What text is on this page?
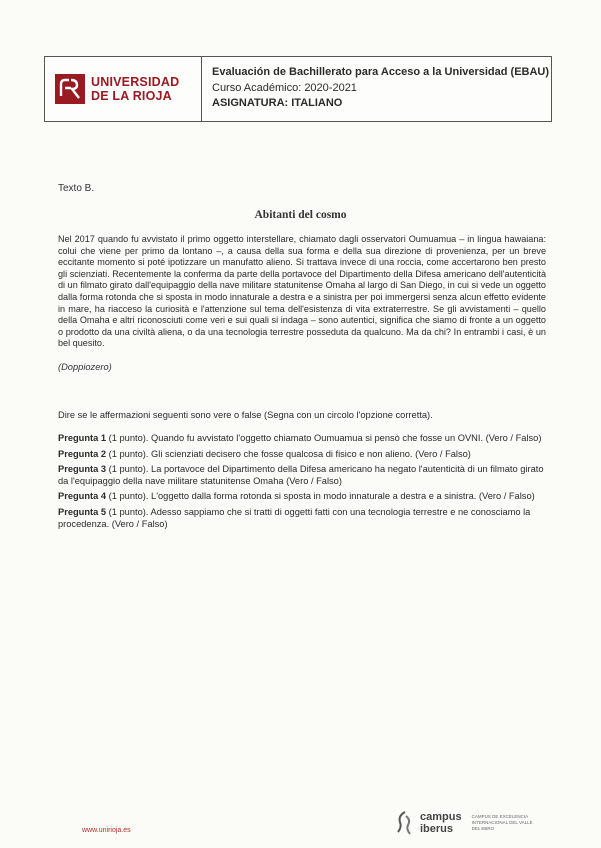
UNIVERSIDAD
DE LA RIOJA
Evaluación de Bachillerato para Acceso a la Universidad (EBAU)
Curso Académico: 2020-2021
ASIGNATURA: ITALIANO
Texto B.
Abitanti del cosmo

Nel 2017 quando fu avvistato il primo oggetto interstellare, chiamato dagli osservatori Oumuamua – in lingua hawaiana: colui che viene per primo da lontano –, a causa della sua forma e della sua direzione di provenienza, per un breve eccitante momento si poté ipotizzare un manufatto alieno. Si trattava invece di una roccia, come accertarono ben presto gli scienziati. Recentemente la conferma da parte della portavoce del Dipartimento della Difesa americano dell'autenticità di un filmato girato dall'equipaggio della nave militare statunitense Omaha al largo di San Diego, in cui si vede un oggetto dalla forma rotonda che si sposta in modo innaturale a destra e a sinistra per poi immergersi senza alcun effetto evidente in mare, ha riacceso la curiosità e l'attenzione sul tema dell'esistenza di vita extraterrestre. Se gli avvistamenti – quello della Omaha e altri riconosciuti come veri e sui quali si indaga – sono autentici, significa che siamo di fronte a un oggetto o prodotto da una civiltà aliena, o da una tecnologia terrestre posseduta da qualcuno. Ma da chi? In entrambi i casi, è un bel quesito.

(Doppiozero)
Dire se le affermazioni seguenti sono vere o false (Segna con un circolo l'opzione corretta).

Pregunta 1 (1 punto). Quando fu avvistato l'oggetto chiamato Oumuamua si pensò che fosse un OVNI. (Vero / Falso)

Pregunta 2 (1 punto). Gli scienziati decisero che fosse qualcosa di fisico e non alieno. (Vero / Falso)

Pregunta 3 (1 punto). La portavoce del Dipartimento della Difesa americano ha negato l'autenticità di un filmato girato da l'equipaggio della nave militare statunitense Omaha (Vero / Falso)

Pregunta 4 (1 punto). L'oggetto dalla forma rotonda si sposta in modo innaturale a destra e a sinistra. (Vero / Falso)

Pregunta 5 (1 punto). Adesso sappiamo che si tratti di oggetti fatti con una tecnologia terrestre e ne conosciamo la procedenza. (Vero / Falso)

www.unirioja.es
campus
iberus
CAMPUS DE EXCELENCIA INTERNACIONAL DEL VALLE DEL EBRO
